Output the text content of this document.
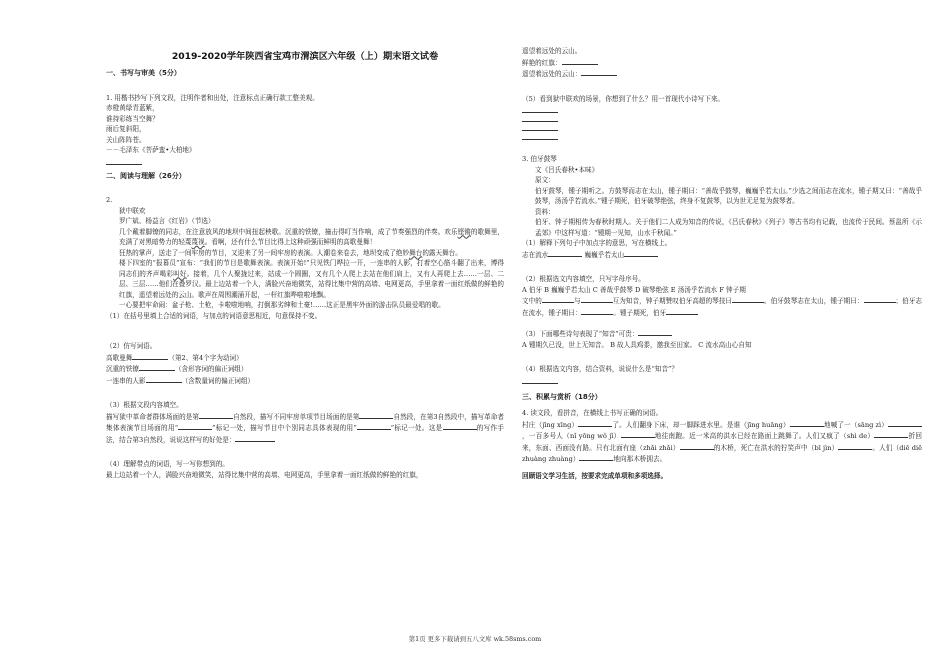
2019-2020学年陕西省宝鸡市渭滨区六年级（上）期末语文试卷
一、书写与审美（5分）

1. 用楷书抄写下列文段，注明作者和出处，注意标点正确行款工整美观。

赤橙黄绿青蓝紫，

谁持彩练当空舞？

雨后复斜阳，

关山阵阵苍。

－－毛泽东《菩萨蛮•大柏地》

二、阅读与理解（26分）

2.

狱中联欢

罗广斌、杨益言《红岩》（节选）

几个戴着脚镣的同志，在注意放风的地坝中间扭起秧歌。沉重的铁镣，撞击得叮当作响，成了节奏强烈的伴奏。欢乐铿锵的歌舞里，充满了对黑暗势力的轻蔑蔑视。看啊，还有什么节目比得上这种顽强而鲜明的高歌曼舞！

狂热的掌声，送走了一间牢房的节目，又迎来了另一间牢房的表演。人潮卷来卷去，地坝变成了绝妙舞台的露天舞台。

楼下四室的“报幕员”宣布：“我们的节目是歌舞表演。表演开始!”只见铁门哗拉一开，一连串的人影，打着空心筋斗翻了出来，博得同志们的齐声喝彩叫好。接着，几个人聚拢过来，站成一个圆圈，又有几个人爬上去站在他们肩上，又有人再爬上去……一层、二层、三层……他们在叠罗汉。最上边站着一个人，满脸兴奋地微笑，站得比集中营的高墙、电网更高，手里拿着一面红纸做的鲜艳的红旗，遥望着远处的云山。歌声在周围潮涌开起，一杆红旗哗啦啦地飘。

一心要把牢命闹：盆子枪、土枪，卡啦啦地响，打倒那劣绅和土豪!……这正是黑牢外面的游击队员最爱唱的歌。

（1）在括号里填上合适的词语，与加点的词语意思相近，句意保持不变。

（2）仿写词语。

高歌曼舞	（第2、第4个字为动词）

沉重的铁镣	（含形容词的偏正词组）

一连串的人影	（含数量词的偏正词组）

（3）根据文段内容填空。

描写狱中革命者群体场面的是第	自然段，描写不同牢房单项节目场面的是第	自然段，在第3自然段中，描写革命者集体表演节目场面的用“	”标记一处，描写节目中个别同志具体表现的用“	”标记一处。这是	的写作手法，结合第3自然段，说说这样写的好处是：

（4）理解带点的词语，写一写你想到的。

最上边站着一个人，满脸兴奋地微笑，站得比集中营的高墙、电网更高，手里拿着一面红纸做的鲜艳的红旗，

遥望着远处的云山。

鲜艳的红旗：

遥望着远处的云山：

（5）看到狱中联欢的场景，你想到了什么？用一首现代小诗写下来。

3. 伯牙鼓琴

文《吕氏春秋•本味》

原文：

伯牙鼓琴，锺子期听之。方鼓琴而志在太山，锺子期曰：“善哉乎鼓琴，巍巍乎若太山。”少选之间而志在流水，锺子期又曰：“善哉乎鼓琴，汤汤乎若流水。”锺子期死，伯牙破琴绝弦，终身不复鼓琴，以为世无足复为鼓琴者。

资料：

伯牙、钟子期相传为春秋时期人。关于他们二人成为知音的传说，《吕氏春秋》《列子》等古书均有记载，也流传于民间。蔡邕所《示孟郊》中这样写道：“锺期一见知，山水千秋闻。”

（1）解释下列句子中加点字的意思，写在横线上。

志在流水	巍巍乎若太山

（2）根据选文内容填空，只写字母序号。

A 伯牙 B 巍巍乎若太山 C 善哉乎鼓琴 D 破琴绝弦 E 汤汤乎若流水 F 钟子期

文中的	与	互为知音，钟子期赞叹伯牙高超的琴技曰	。伯牙鼓琴志在太山，锺子期曰：	；伯牙志在流水，锺子期曰：	。锺子期死，伯牙

（3）下面哪些诗句表现了“知音”可贵：

A 锺期久已没，世上无知音。 B 故人具鸡黍，邀我至田家。 C 流水高山心自知

（4）根据选文内容，结合资料，说说什么是“知音”？

三、积累与赏析（18分）

4. 读文段，看拼音，在横线上书写正确的词语。

村庄（jīng xīng）	了。人们翻身下床，却一脚踩进水里。是谁（jīng huāng）	地喊了一（sāng zì），一百多号人（nǐ yōng wǒ jǐ）	地往南跑。近一米高的洪水已经在路面上跳舞了。人们又疯了（shì de）	折回来，东面、西面没有路。只有北面有座（zhǎi zhǎi）	的木桥，死亡在洪水的狞笑声中（bī jìn）	。人们（diē diē zhuàng zhuàng）	地向那木桥拥去。

回顾语文学习生活，按要求完成单项和多项选择。

第1页 更多下载请到五八文库 wk.58sms.com
